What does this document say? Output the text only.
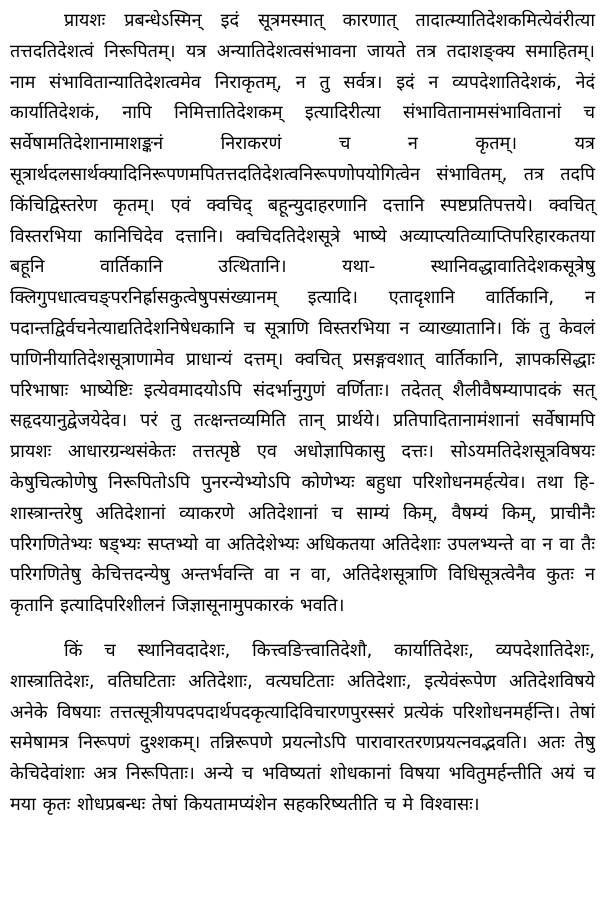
प्रायशः प्रबन्धेऽस्मिन् इदं सूत्रमस्मात् कारणात् तादात्म्यातिदेशकमित्येवंरीत्या तत्तदतिदेशत्वं निरूपितम्। यत्र अन्यातिदेशत्वसंभावना जायते तत्र तदाशङ्क्य समाहितम्। नाम संभावितान्यातिदेशत्वमेव निराकृतम्, न तु सर्वत्र। इदं न व्यपदेशातिदेशकं, नेदं कार्यातिदेशकं, नापि निमित्तातिदेशकम् इत्यादिरीत्या संभावितानामसंभावितानां च सर्वेषामतिदेशानामाशङ्कनं निराकरणं च न कृतम्। यत्र सूत्रार्थदलसार्थक्यादिनिरूपणमपितत्तदतिदेशत्वनिरूपणोपयोगित्वेन संभावितम्, तत्र तदपि किंचिद्विस्तरेण कृतम्। एवं क्वचिद् बहून्युदाहरणानि दत्तानि स्पष्टप्रतिपत्तये। क्वचित् विस्तरभिया कानिचिदेव दत्तानि। क्वचिदतिदेशसूत्रे भाष्ये अव्याप्त्यतिव्याप्तिपरिहारकतया बहूनि वार्तिकानि उत्थितानि। यथा- स्थानिवद्धावातिदेशकसूत्रेषु क्लिगुपधात्वचङ्परनिर्ह्रासकुत्वेषुपसंख्यानम् इत्यादि। एतादृशानि वार्तिकानि, न पदान्तद्विर्वचनेत्याद्यतिदेशनिषेधकानि च सूत्राणि विस्तरभिया न व्याख्यातानि। किं तु केवलं पाणिनीयातिदेशसूत्राणामेव प्राधान्यं दत्तम्। क्वचित् प्रसङ्गवशात् वार्तिकानि, ज्ञापकसिद्धाः परिभाषाः भाष्येष्टिः इत्येवमादयोऽपि संदर्भानुगुणं वर्णिताः। तदेतत् शैलीवैषम्यापादकं सत् सहृदयानुद्वेजयेदेव। परं तु तत्क्षन्तव्यमिति तान् प्रार्थये। प्रतिपादितानामंशानां सर्वेषामपि प्रायशः आधारग्रन्थसंकेतः तत्तत्पृष्ठे एव अधोज्ञापिकासु दत्तः। सोऽयमतिदेशसूत्रविषयः केषुचित्कोणेषु निरूपितोऽपि पुनरन्येभ्योऽपि कोणेभ्यः बहुधा परिशोधनमर्हत्येव। तथा हि- शास्त्रान्तरेषु अतिदेशानां व्याकरणे अतिदेशानां च साम्यं किम्, वैषम्यं किम्, प्राचीनैः परिगणितेभ्यः षड्भ्यः सप्तभ्यो वा अतिदेशेभ्यः अधिकतया अतिदेशाः उपलभ्यन्ते वा न वा तैः परिगणितेषु केचित्तदन्येषु अन्तर्भवन्ति वा न वा, अतिदेशसूत्राणि विधिसूत्रत्वेनैव कुतः न कृतानि इत्यादिपरिशीलनं जिज्ञासूनामुपकारकं भवति।

किं च स्थानिवदादेशः, कित्त्वङित्त्वातिदेशौ, कार्यातिदेशः, व्यपदेशातिदेशः, शास्त्रातिदेशः, वतिघटिताः अतिदेशाः, वत्यघटिताः अतिदेशाः, इत्येवंरूपेण अतिदेशविषये अनेके विषयाः तत्तत्सूत्रीयपदपदार्थपदकृत्यादिविचारणपुरस्सरं प्रत्येकं परिशोधनमर्हन्ति। तेषां समेषामत्र निरूपणं दुश्शकम्। तन्निरूपणे प्रयत्नोऽपि पारावारतरणप्रयत्नवद्भवति। अतः तेषु केचिदेवांशाः अत्र निरूपिताः। अन्ये च भविष्यतां शोधकानां विषया भवितुमर्हन्तीति अयं च मया कृतः शोधप्रबन्धः तेषां कियतामप्यंशेन सहकरिष्यतीति च मे विश्वासः।
